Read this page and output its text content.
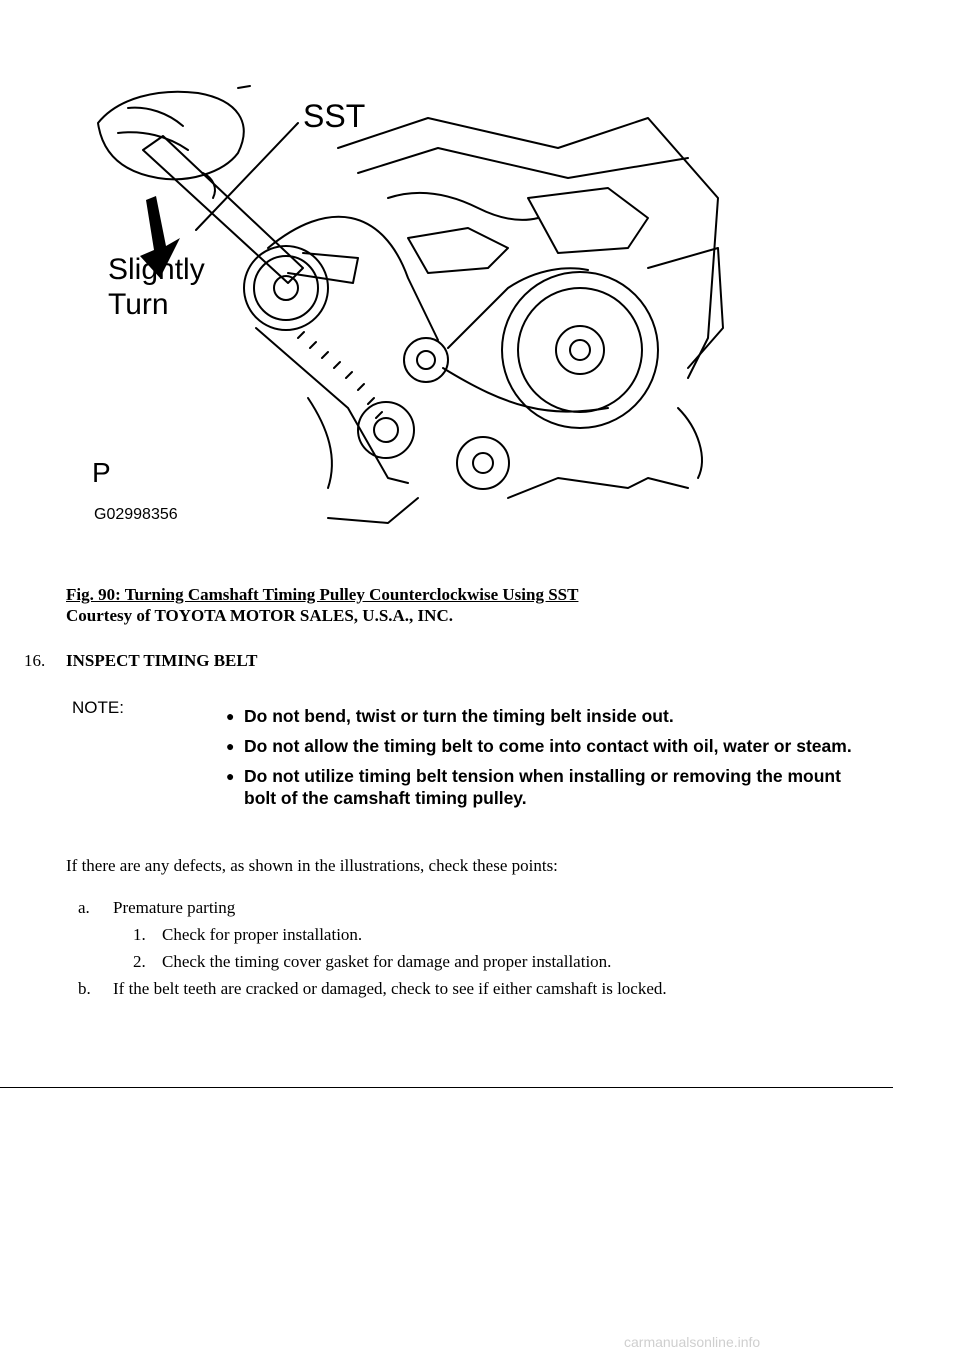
SST
Slightly
Turn
P
G02998356
Fig. 90: Turning Camshaft Timing Pulley Counterclockwise Using SST
Courtesy of TOYOTA MOTOR SALES, U.S.A., INC.
16. INSPECT TIMING BELT
NOTE:	● Do not bend, twist or turn the timing belt inside out.
● Do not allow the timing belt to come into contact with oil, water or steam.
● Do not utilize timing belt tension when installing or removing the mount bolt of the camshaft timing pulley.
If there are any defects, as shown in the illustrations, check these points:
a. Premature parting
1. Check for proper installation.
2. Check the timing cover gasket for damage and proper installation.
b. If the belt teeth are cracked or damaged, check to see if either camshaft is locked.
carmanualsonline.info
